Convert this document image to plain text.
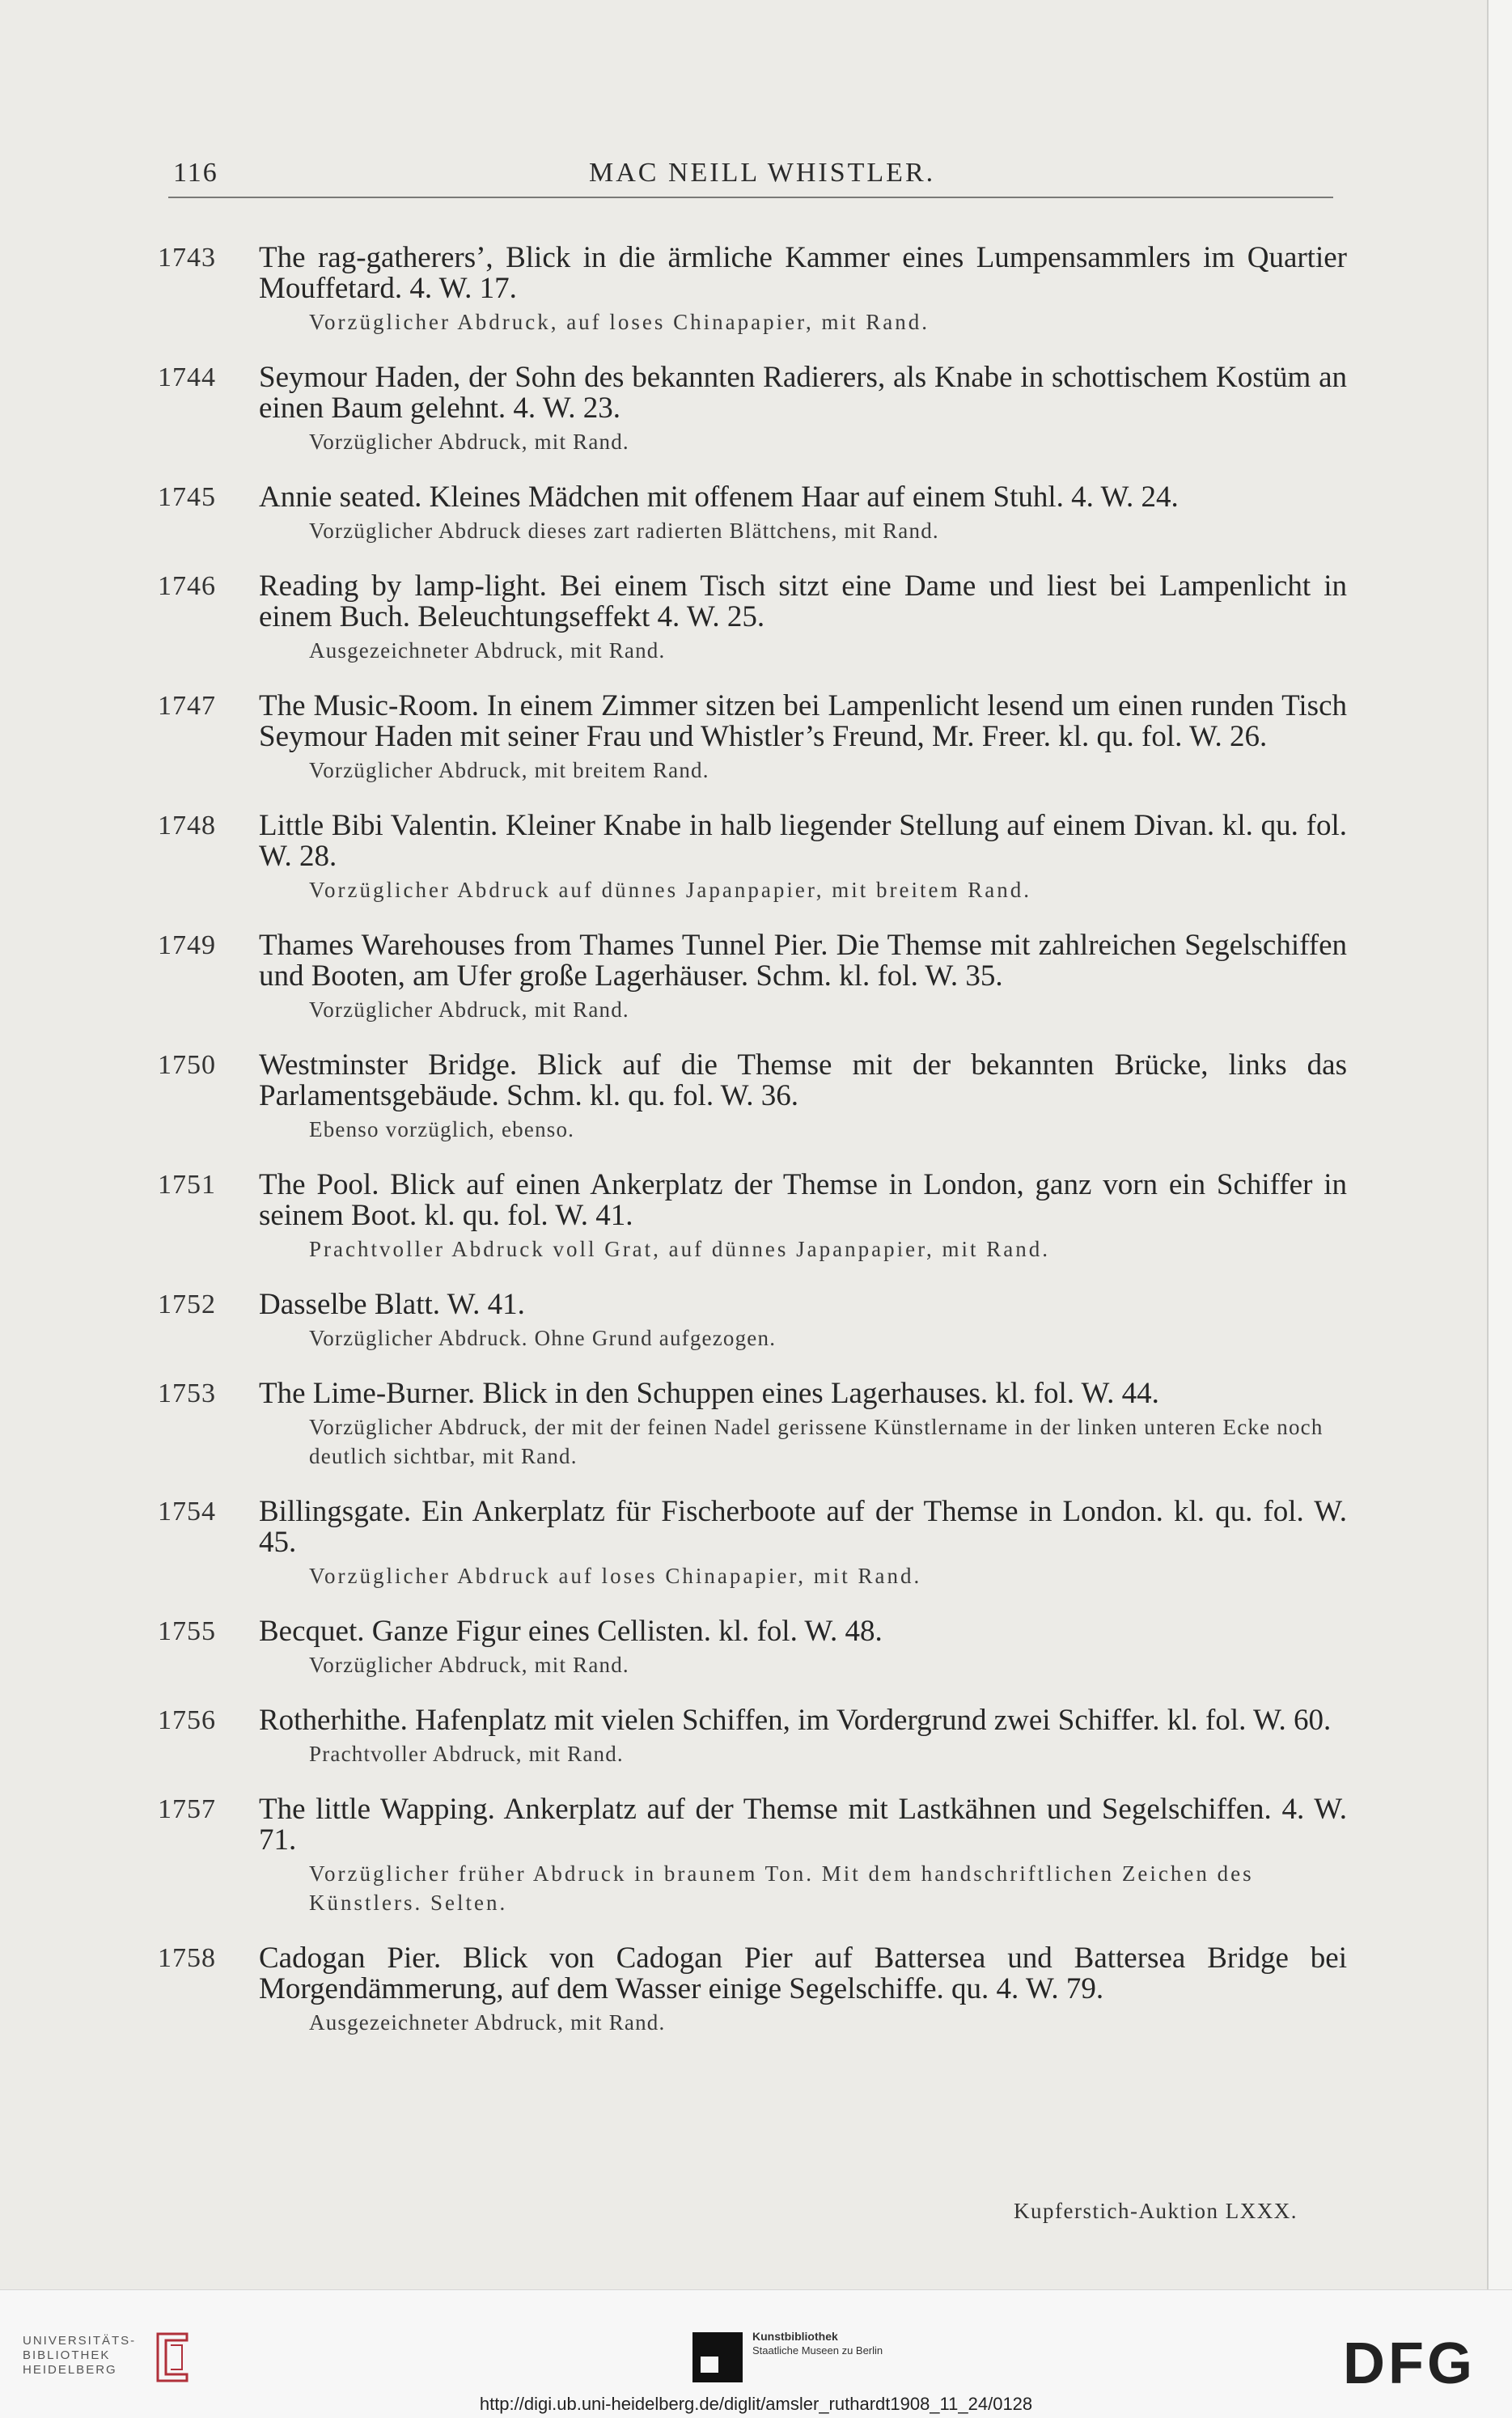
116	MAC NEILL WHISTLER.
1743	The rag-gatherers’, Blick in die ärmliche Kammer eines Lumpensammlers im Quartier Mouffetard. 4. W. 17.
Vorzüglicher Abdruck, auf loses Chinapapier, mit Rand.
1744	Seymour Haden, der Sohn des bekannten Radierers, als Knabe in schottischem Kostüm an einen Baum gelehnt. 4. W. 23.
Vorzüglicher Abdruck, mit Rand.
1745	Annie seated. Kleines Mädchen mit offenem Haar auf einem Stuhl. 4. W. 24.
Vorzüglicher Abdruck dieses zart radierten Blättchens, mit Rand.
1746	Reading by lamp-light. Bei einem Tisch sitzt eine Dame und liest bei Lampenlicht in einem Buch. Beleuchtungseffekt 4. W. 25.
Ausgezeichneter Abdruck, mit Rand.
1747	The Music-Room. In einem Zimmer sitzen bei Lampenlicht lesend um einen runden Tisch Seymour Haden mit seiner Frau und Whistler’s Freund, Mr. Freer. kl. qu. fol. W. 26.
Vorzüglicher Abdruck, mit breitem Rand.
1748	Little Bibi Valentin. Kleiner Knabe in halb liegender Stellung auf einem Divan. kl. qu. fol. W. 28.
Vorzüglicher Abdruck auf dünnes Japanpapier, mit breitem Rand.
1749	Thames Warehouses from Thames Tunnel Pier. Die Themse mit zahlreichen Segelschiffen und Booten, am Ufer große Lagerhäuser. Schm. kl. fol. W. 35.
Vorzüglicher Abdruck, mit Rand.
1750	Westminster Bridge. Blick auf die Themse mit der bekannten Brücke, links das Parlamentsgebäude. Schm. kl. qu. fol. W. 36.
Ebenso vorzüglich, ebenso.
1751	The Pool. Blick auf einen Ankerplatz der Themse in London, ganz vorn ein Schiffer in seinem Boot. kl. qu. fol. W. 41.
Prachtvoller Abdruck voll Grat, auf dünnes Japanpapier, mit Rand.
1752	Dasselbe Blatt. W. 41.
Vorzüglicher Abdruck. Ohne Grund aufgezogen.
1753	The Lime-Burner. Blick in den Schuppen eines Lagerhauses. kl. fol. W. 44.
Vorzüglicher Abdruck, der mit der feinen Nadel gerissene Künstlername in der linken unteren Ecke noch deutlich sichtbar, mit Rand.
1754	Billingsgate. Ein Ankerplatz für Fischerboote auf der Themse in London. kl. qu. fol. W. 45.
Vorzüglicher Abdruck auf loses Chinapapier, mit Rand.
1755	Becquet. Ganze Figur eines Cellisten. kl. fol. W. 48.
Vorzüglicher Abdruck, mit Rand.
1756	Rotherhithe. Hafenplatz mit vielen Schiffen, im Vordergrund zwei Schiffer. kl. fol. W. 60.
Prachtvoller Abdruck, mit Rand.
1757	The little Wapping. Ankerplatz auf der Themse mit Lastkähnen und Segelschiffen. 4. W. 71.
Vorzüglicher früher Abdruck in braunem Ton. Mit dem handschriftlichen Zeichen des Künstlers. Selten.
1758	Cadogan Pier. Blick von Cadogan Pier auf Battersea und Battersea Bridge bei Morgendämmerung, auf dem Wasser einige Segelschiffe. qu. 4. W. 79.
Ausgezeichneter Abdruck, mit Rand.
Kupferstich-Auktion LXXX.
UNIVERSITÄTS-
BIBLIOTHEK
HEIDELBERG
Kunstbibliothek
Staatliche Museen zu Berlin	DFG
http://digi.ub.uni-heidelberg.de/diglit/amsler_ruthardt1908_11_24/0128
